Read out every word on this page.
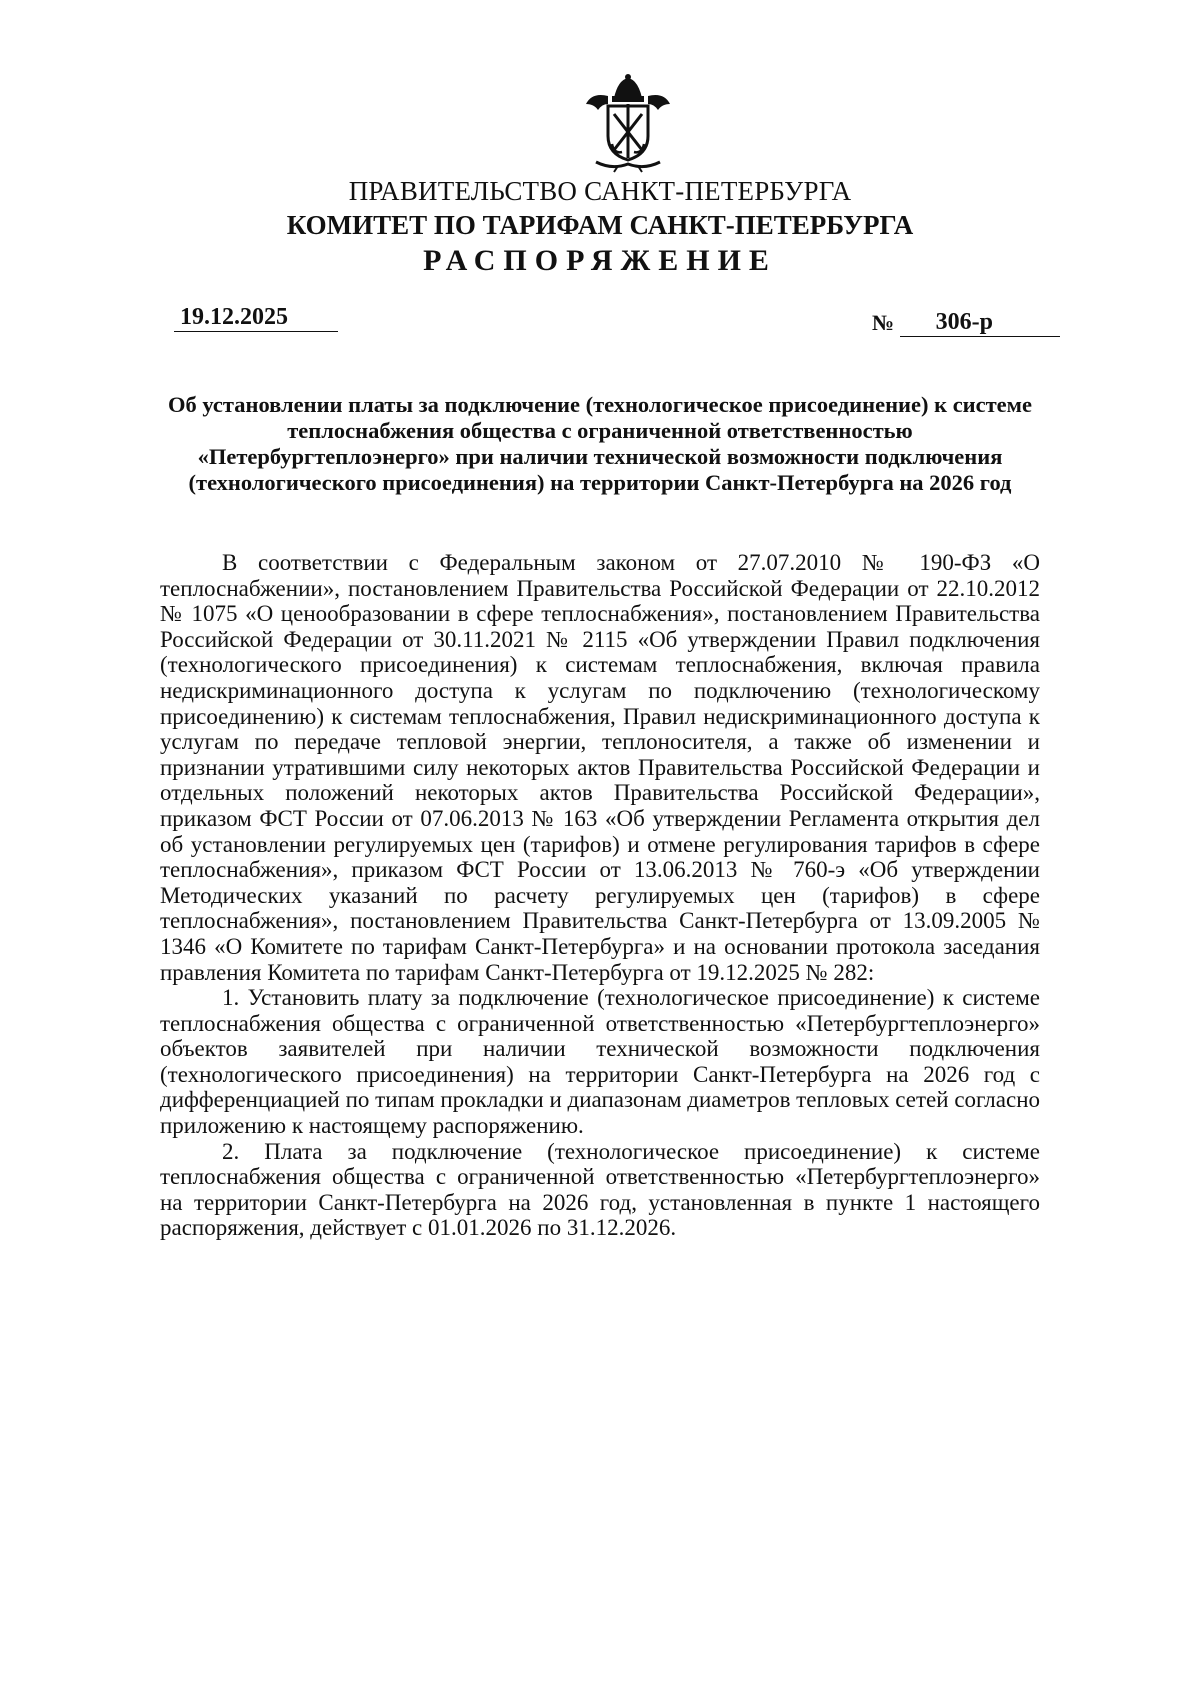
ПРАВИТЕЛЬСТВО САНКТ-ПЕТЕРБУРГА
КОМИТЕТ ПО ТАРИФАМ САНКТ-ПЕТЕРБУРГА
РАСПОРЯЖЕНИЕ
19.12.2025	№ 306-р
Об установлении платы за подключение (технологическое присоединение) к системе теплоснабжения общества с ограниченной ответственностью «Петербургтеплоэнерго» при наличии технической возможности подключения (технологического присоединения) на территории Санкт-Петербурга на 2026 год

В соответствии с Федеральным законом от 27.07.2010 № 190-ФЗ «О теплоснабжении», постановлением Правительства Российской Федерации от 22.10.2012 № 1075 «О ценообразовании в сфере теплоснабжения», постановлением Правительства Российской Федерации от 30.11.2021 № 2115 «Об утверждении Правил подключения (технологического присоединения) к системам теплоснабжения, включая правила недискриминационного доступа к услугам по подключению (технологическому присоединению) к системам теплоснабжения, Правил недискриминационного доступа к услугам по передаче тепловой энергии, теплоносителя, а также об изменении и признании утратившими силу некоторых актов Правительства Российской Федерации и отдельных положений некоторых актов Правительства Российской Федерации», приказом ФСТ России от 07.06.2013 № 163 «Об утверждении Регламента открытия дел об установлении регулируемых цен (тарифов) и отмене регулирования тарифов в сфере теплоснабжения», приказом ФСТ России от 13.06.2013 № 760-э «Об утверждении Методических указаний по расчету регулируемых цен (тарифов) в сфере теплоснабжения», постановлением Правительства Санкт-Петербурга от 13.09.2005 № 1346 «О Комитете по тарифам Санкт-Петербурга» и на основании протокола заседания правления Комитета по тарифам Санкт-Петербурга от 19.12.2025 № 282:

1. Установить плату за подключение (технологическое присоединение) к системе теплоснабжения общества с ограниченной ответственностью «Петербургтеплоэнерго» объектов заявителей при наличии технической возможности подключения (технологического присоединения) на территории Санкт-Петербурга на 2026 год с дифференциацией по типам прокладки и диапазонам диаметров тепловых сетей согласно приложению к настоящему распоряжению.

2. Плата за подключение (технологическое присоединение) к системе теплоснабжения общества с ограниченной ответственностью «Петербургтеплоэнерго» на территории Санкт-Петербурга на 2026 год, установленная в пункте 1 настоящего распоряжения, действует с 01.01.2026 по 31.12.2026.
